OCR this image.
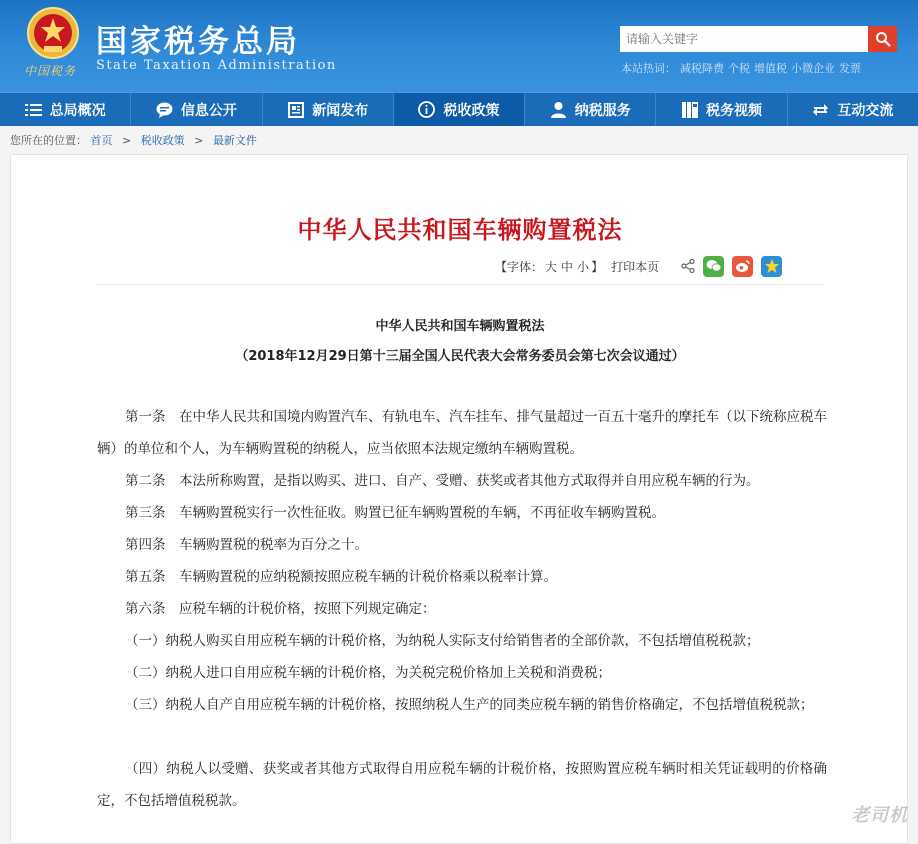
中国税务
国家税务总局
State Taxation Administration
请输入关键字	本站热词： 减税降费 个税 增值税 小微企业 发票
总局概况	信息公开	新闻发布	税收政策	纳税服务	税务视频	互动交流
您所在的位置： 首页 > 税收政策 > 最新文件
中华人民共和国车辆购置税法
【字体： 大 中 小 】 打印本页
中华人民共和国车辆购置税法
（2018年12月29日第十三届全国人民代表大会常务委员会第七次会议通过）
第一条　在中华人民共和国境内购置汽车、有轨电车、汽车挂车、排气量超过一百五十毫升的摩托车（以下统称应税车辆）的单位和个人，为车辆购置税的纳税人，应当依照本法规定缴纳车辆购置税。
第二条　本法所称购置，是指以购买、进口、自产、受赠、获奖或者其他方式取得并自用应税车辆的行为。
第三条　车辆购置税实行一次性征收。购置已征车辆购置税的车辆，不再征收车辆购置税。
第四条　车辆购置税的税率为百分之十。
第五条　车辆购置税的应纳税额按照应税车辆的计税价格乘以税率计算。
第六条　应税车辆的计税价格，按照下列规定确定：
（一）纳税人购买自用应税车辆的计税价格，为纳税人实际支付给销售者的全部价款，不包括增值税税款；
（二）纳税人进口自用应税车辆的计税价格，为关税完税价格加上关税和消费税；
（三）纳税人自产自用应税车辆的计税价格，按照纳税人生产的同类应税车辆的销售价格确定，不包括增值税税款；
（四）纳税人以受赠、获奖或者其他方式取得自用应税车辆的计税价格，按照购置应税车辆时相关凭证载明的价格确定，不包括增值税税款。
老司机
